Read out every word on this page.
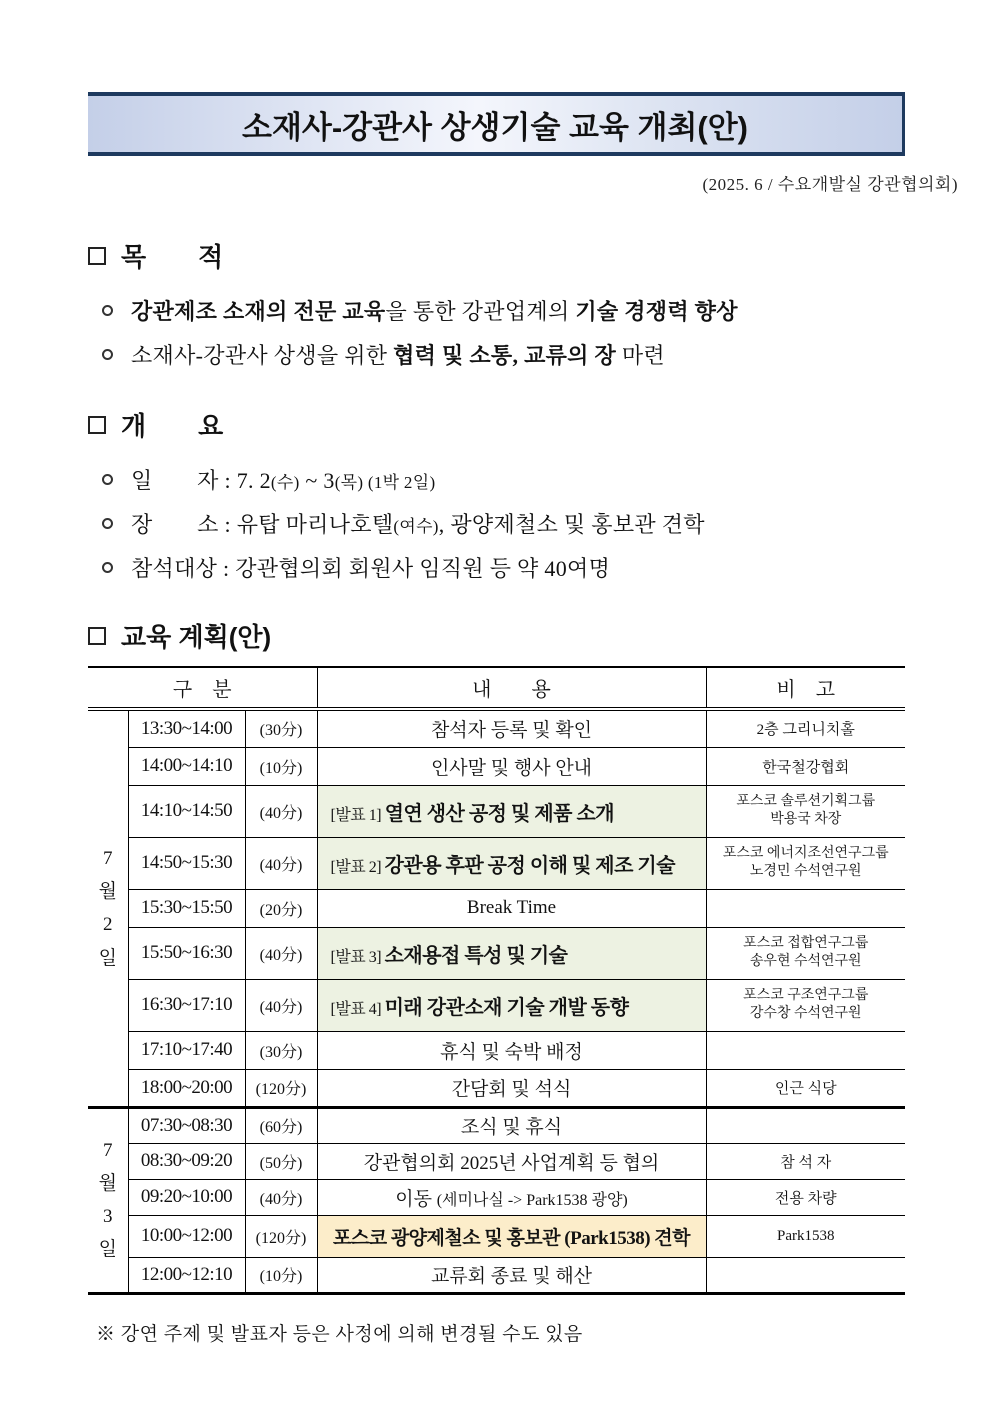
소재사-강관사 상생기술 교육 개최(안)
(2025. 6 / 수요개발실 강관협의회)
목　　적
강관제조 소재의 전문 교육을 통한 강관업계의 기술 경쟁력 향상
소재사-강관사 상생을 위한 협력 및 소통, 교류의 장 마련
개　　요
일　　자 : 7. 2(수) ~ 3(목) (1박 2일)
장　　소 : 유탑 마리나호텔(여수), 광양제철소 및 홍보관 견학
참석대상 : 강관협의회 회원사 임직원 등 약 40여명
교육 계획(안)
구　분			내　　용	비　고
7월2일	13:30~14:00	(30分)	참석자 등록 및 확인	2층 그리니치홀
	14:00~14:10	(10分)	인사말 및 행사 안내	한국철강협회
	14:10~14:50	(40分)	[발표 1] 열연 생산 공정 및 제품 소개	포스코 솔루션기획그룹
박용국 차장

	14:50~15:30	(40分)	[발표 2] 강관용 후판 공정 이해 및 제조 기술	포스코 에너지조선연구그룹
노경민 수석연구원

	15:30~15:50	(20分)	Break Time	
	15:50~16:30	(40分)	[발표 3] 소재용접 특성 및 기술	포스코 접합연구그룹
송우현 수석연구원

	16:30~17:10	(40分)	[발표 4] 미래 강관소재 기술 개발 동향	포스코 구조연구그룹
강수창 수석연구원

	17:10~17:40	(30分)	휴식 및 숙박 배정	
	18:00~20:00	(120分)	간담회 및 석식	인근 식당
7월3일	07:30~08:30	(60分)	조식 및 휴식	
	08:30~09:20	(50分)	강관협의회 2025년 사업계획 등 협의	참 석 자
	09:20~10:00	(40分)	이동 (세미나실 -> Park1538 광양)	전용 차량
	10:00~12:00	(120分)	포스코 광양제철소 및 홍보관 (Park1538) 견학	Park1538
	12:00~12:10	(10分)	교류회 종료 및 해산	
※ 강연 주제 및 발표자 등은 사정에 의해 변경될 수도 있음
